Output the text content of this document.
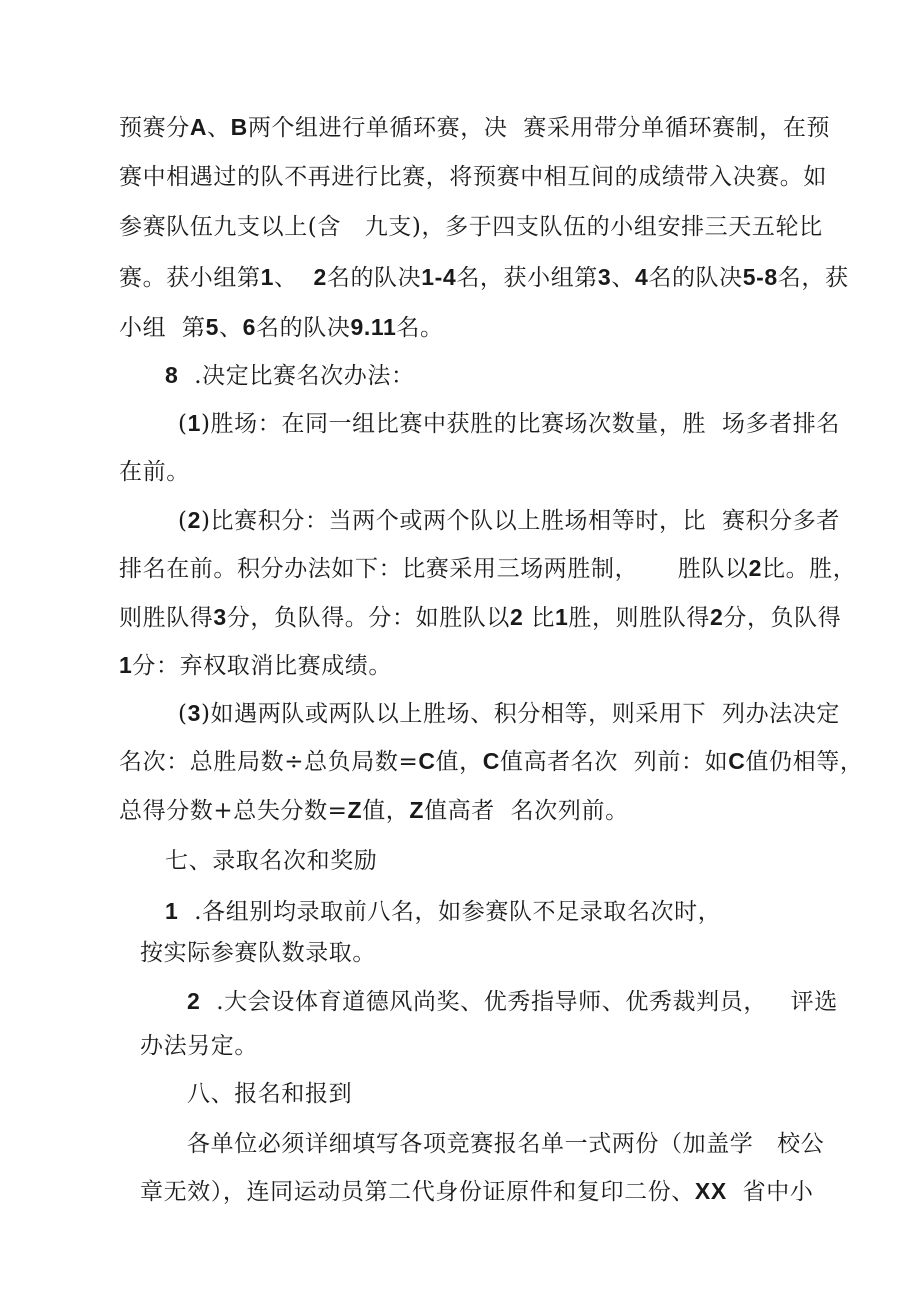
预赛分A、B两个组进行单循环赛，决  赛采用带分单循环赛制，在预

赛中相遇过的队不再进行比赛，将预赛中相互间的成绩带入决赛。如

参赛队伍九支以上(含   九支)，多于四支队伍的小组安排三天五轮比

赛。获小组第1、  2名的队决1-4名，获小组第3、4名的队决5-8名，获

小组  第5、6名的队决9.11名。

8  .决定比赛名次办法：

(1)胜场：在同一组比赛中获胜的比赛场次数量，胜  场多者排名

在前。

(2)比赛积分：当两个或两个队以上胜场相等时，比  赛积分多者

排名在前。积分办法如下：比赛采用三场两胜制，     胜队以2比。胜，

则胜队得3分，负队得。分：如胜队以2 比1胜，则胜队得2分，负队得

1分：弃权取消比赛成绩。

(3)如遇两队或两队以上胜场、积分相等，则采用下  列办法决定

名次：总胜局数÷总负局数=C值，C值高者名次  列前：如C值仍相等，

总得分数+总失分数=Z值，Z值高者  名次列前。

七、录取名次和奖励

1  .各组别均录取前八名，如参赛队不足录取名次时，

按实际参赛队数录取。

2  .大会设体育道德风尚奖、优秀指导师、优秀裁判员，   评选

办法另定。

八、报名和报到

各单位必须详细填写各项竞赛报名单一式两份（加盖学   校公

章无效），连同运动员第二代身份证原件和复印二份、XX  省中小
